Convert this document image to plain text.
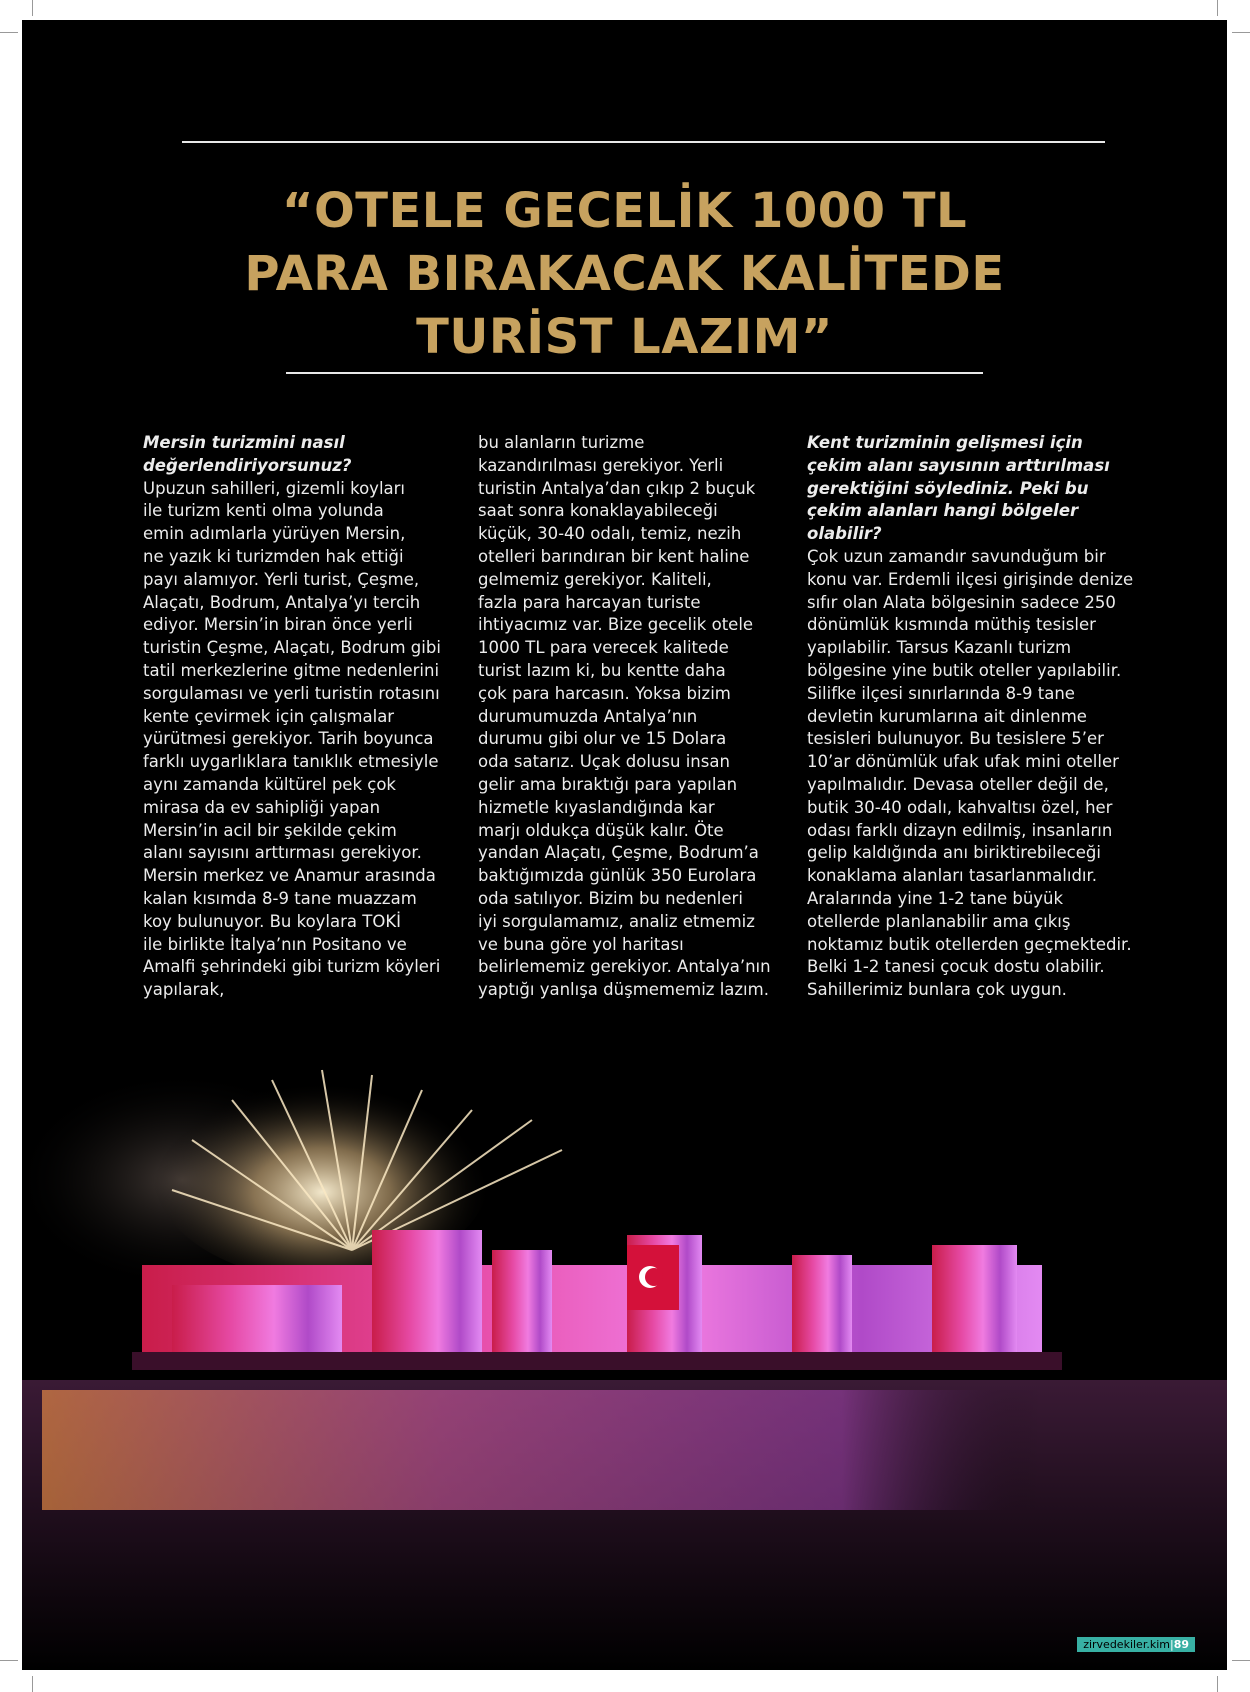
“OTELE GECELİK 1000 TL
PARA BIRAKACAK KALİTEDE
TURİST LAZIM”
Mersin turizmini nasıl
değerlendiriyorsunuz?
Upuzun sahilleri, gizemli koyları
ile turizm kenti olma yolunda
emin adımlarla yürüyen Mersin,
ne yazık ki turizmden hak ettiği
payı alamıyor. Yerli turist, Çeşme,
Alaçatı, Bodrum, Antalya’yı tercih
ediyor. Mersin’in biran önce yerli
turistin Çeşme, Alaçatı, Bodrum gibi
tatil merkezlerine gitme nedenlerini
sorgulaması ve yerli turistin rotasını
kente çevirmek için çalışmalar
yürütmesi gerekiyor. Tarih boyunca
farklı uygarlıklara tanıklık etmesiyle
aynı zamanda kültürel pek çok
mirasa da ev sahipliği yapan
Mersin’in acil bir şekilde çekim
alanı sayısını arttırması gerekiyor.
Mersin merkez ve Anamur arasında
kalan kısımda 8-9 tane muazzam
koy bulunuyor. Bu koylara TOKİ
ile birlikte İtalya’nın Positano ve
Amalfi şehrindeki gibi turizm köyleri
yapılarak,
bu alanların turizme
kazandırılması gerekiyor. Yerli
turistin Antalya’dan çıkıp 2 buçuk
saat sonra konaklayabileceği
küçük, 30-40 odalı, temiz, nezih
otelleri barındıran bir kent haline
gelmemiz gerekiyor. Kaliteli,
fazla para harcayan turiste
ihtiyacımız var. Bize gecelik otele
1000 TL para verecek kalitede
turist lazım ki, bu kentte daha
çok para harcasın. Yoksa bizim
durumumuzda Antalya’nın
durumu gibi olur ve 15 Dolara
oda satarız. Uçak dolusu insan
gelir ama bıraktığı para yapılan
hizmetle kıyaslandığında kar
marjı oldukça düşük kalır. Öte
yandan Alaçatı, Çeşme, Bodrum’a
baktığımızda günlük 350 Eurolara
oda satılıyor. Bizim bu nedenleri
iyi sorgulamamız, analiz etmemiz
ve buna göre yol haritası
belirlememiz gerekiyor. Antalya’nın
yaptığı yanlışa düşmememiz lazım.
Kent turizminin gelişmesi için
çekim alanı sayısının arttırılması
gerektiğini söylediniz. Peki bu
çekim alanları hangi bölgeler
olabilir?
Çok uzun zamandır savunduğum bir
konu var. Erdemli ilçesi girişinde denize
sıfır olan Alata bölgesinin sadece 250
dönümlük kısmında müthiş tesisler
yapılabilir. Tarsus Kazanlı turizm
bölgesine yine butik oteller yapılabilir.
Silifke ilçesi sınırlarında 8-9 tane
devletin kurumlarına ait dinlenme
tesisleri bulunuyor. Bu tesislere 5’er
10’ar dönümlük ufak ufak mini oteller
yapılmalıdır. Devasa oteller değil de,
butik 30-40 odalı, kahvaltısı özel, her
odası farklı dizayn edilmiş, insanların
gelip kaldığında anı biriktirebileceği
konaklama alanları tasarlanmalıdır.
Aralarında yine 1-2 tane büyük
otellerde planlanabilir ama çıkış
noktamız butik otellerden geçmektedir.
Belki 1-2 tanesi çocuk dostu olabilir.
Sahillerimiz bunlara çok uygun.
zirvedekiler.kim|89
